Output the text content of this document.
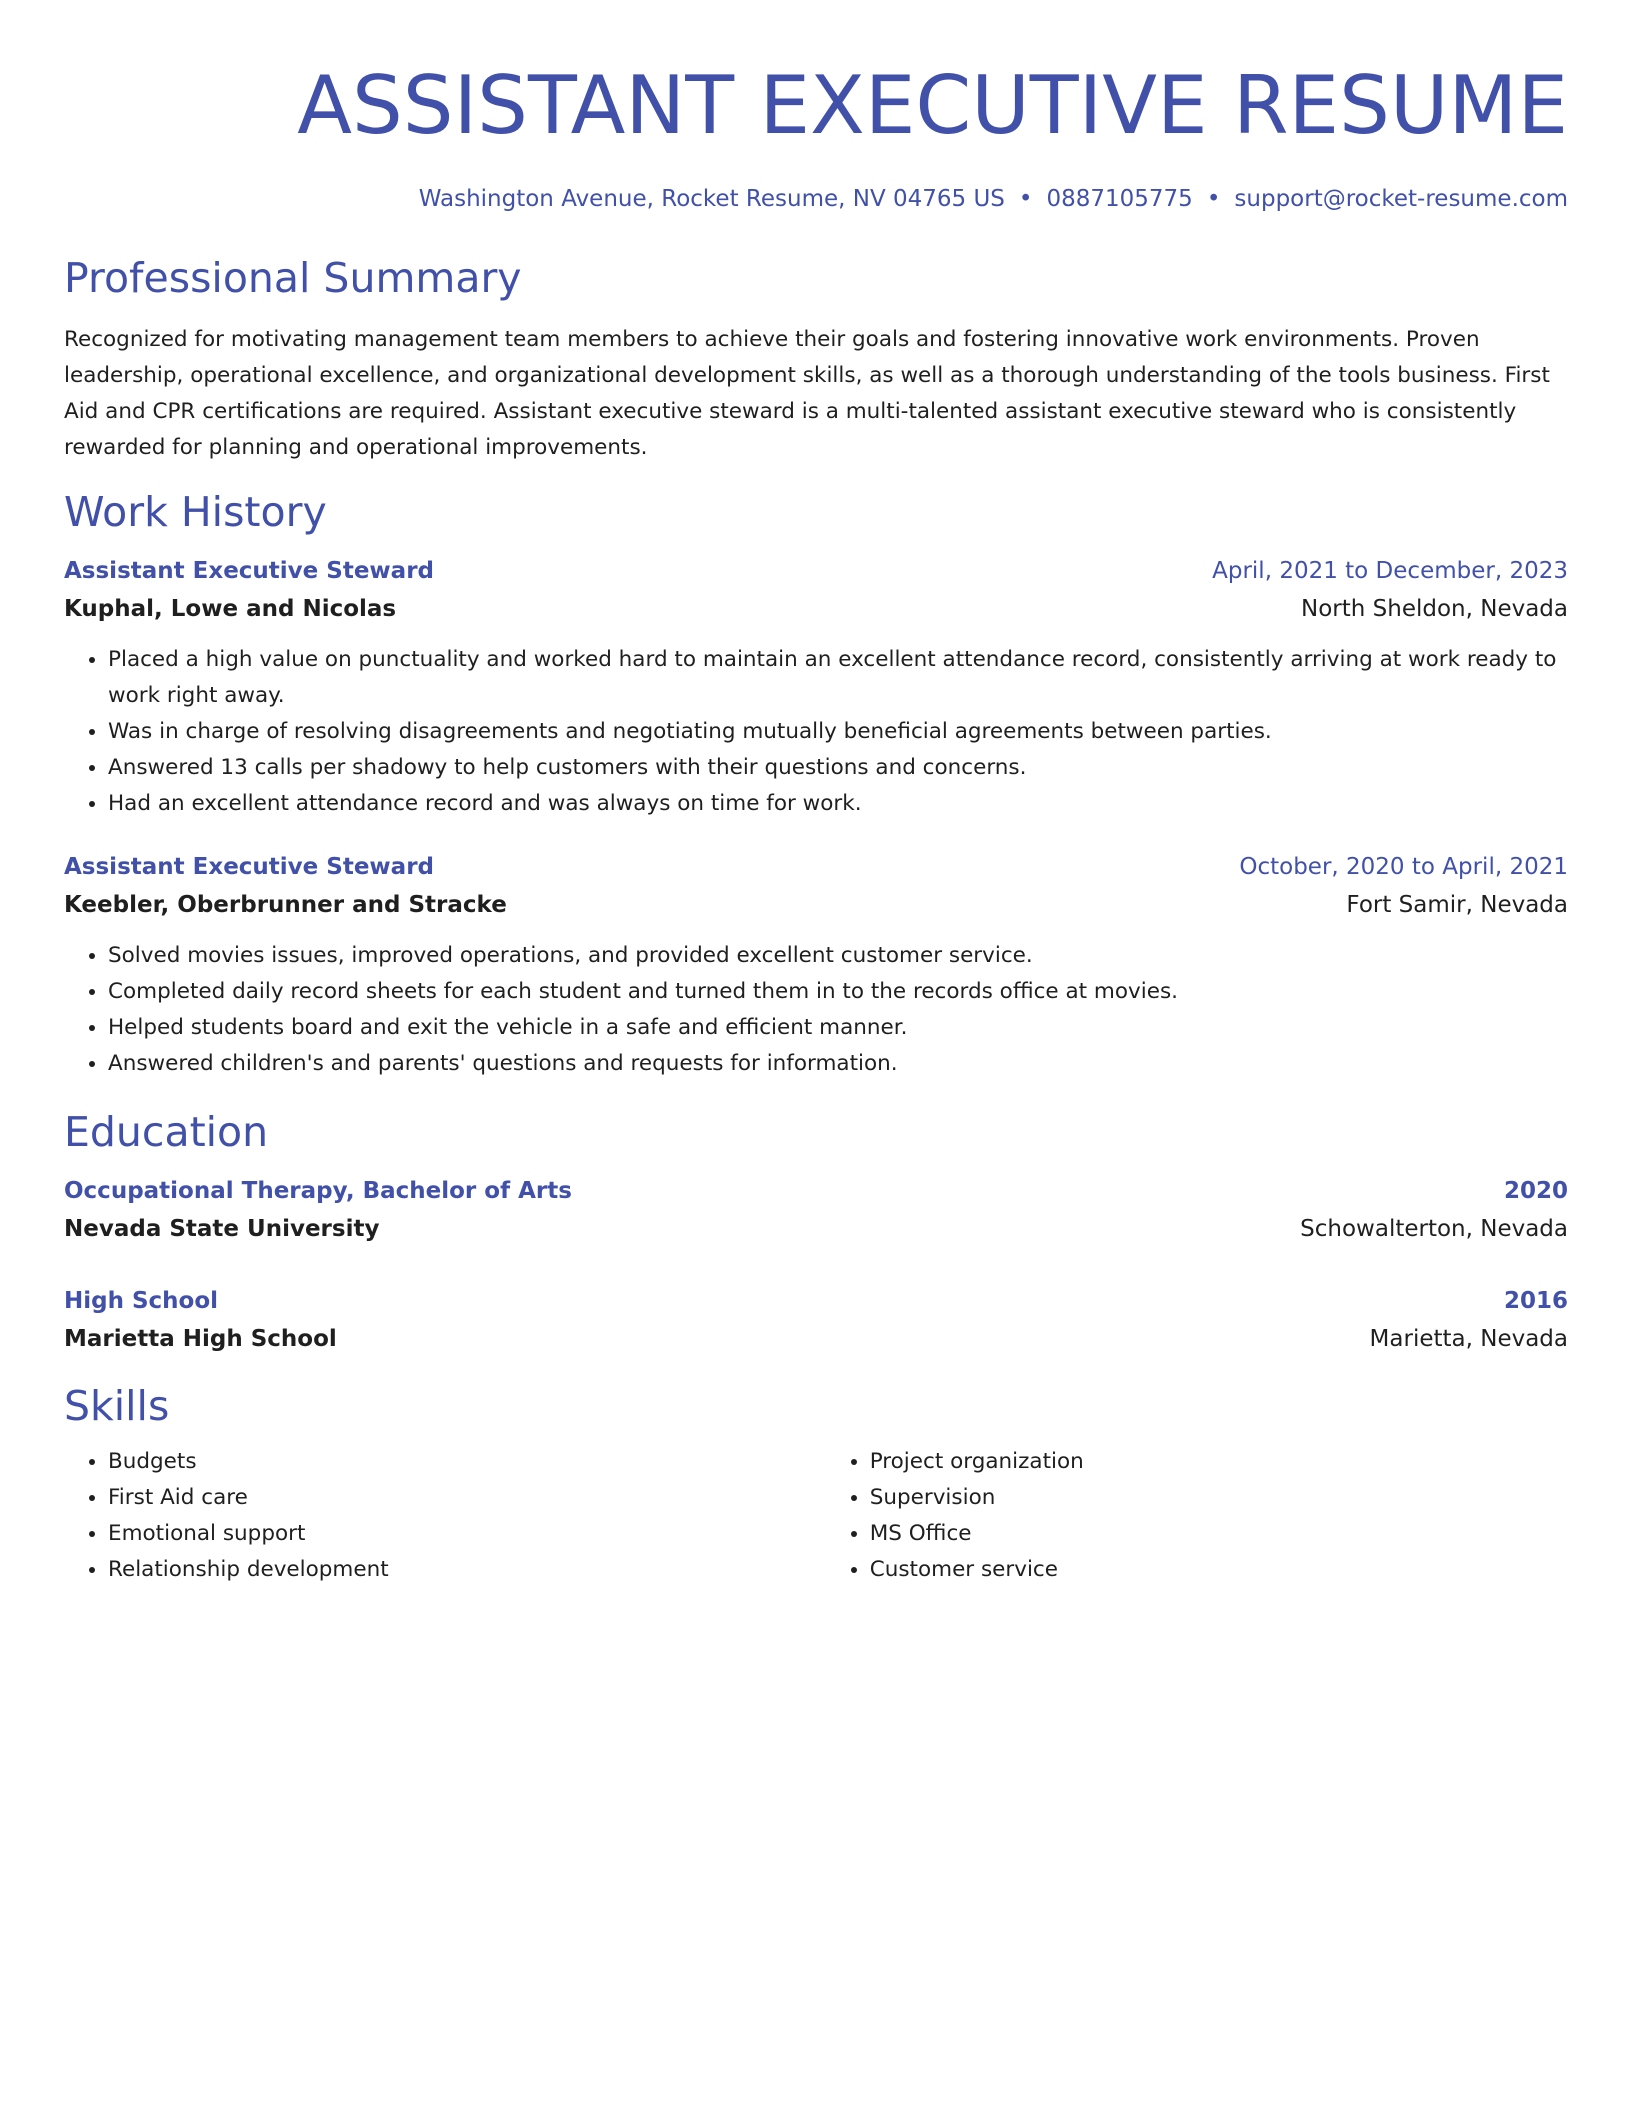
ASSISTANT EXECUTIVE RESUME
Washington Avenue, Rocket Resume, NV 04765 US • 0887105775 • support@rocket-resume.com
Professional Summary
Recognized for motivating management team members to achieve their goals and fostering innovative work environments. Proven leadership, operational excellence, and organizational development skills, as well as a thorough understanding of the tools business. First Aid and CPR certifications are required. Assistant executive steward is a multi-talented assistant executive steward who is consistently rewarded for planning and operational improvements.
Work History
Assistant Executive Steward	April, 2021 to December, 2023
Kuphal, Lowe and Nicolas	North Sheldon, Nevada
• Placed a high value on punctuality and worked hard to maintain an excellent attendance record, consistently arriving at work ready to work right away.
• Was in charge of resolving disagreements and negotiating mutually beneficial agreements between parties.
• Answered 13 calls per shadowy to help customers with their questions and concerns.
• Had an excellent attendance record and was always on time for work.
Assistant Executive Steward	October, 2020 to April, 2021
Keebler, Oberbrunner and Stracke	Fort Samir, Nevada
• Solved movies issues, improved operations, and provided excellent customer service.
• Completed daily record sheets for each student and turned them in to the records office at movies.
• Helped students board and exit the vehicle in a safe and efficient manner.
• Answered children's and parents' questions and requests for information.
Education
Occupational Therapy, Bachelor of Arts	2020
Nevada State University	Schowalterton, Nevada
High School	2016
Marietta High School	Marietta, Nevada
Skills
• Budgets
• First Aid care
• Emotional support
• Relationship development
• Project organization
• Supervision
• MS Office
• Customer service
